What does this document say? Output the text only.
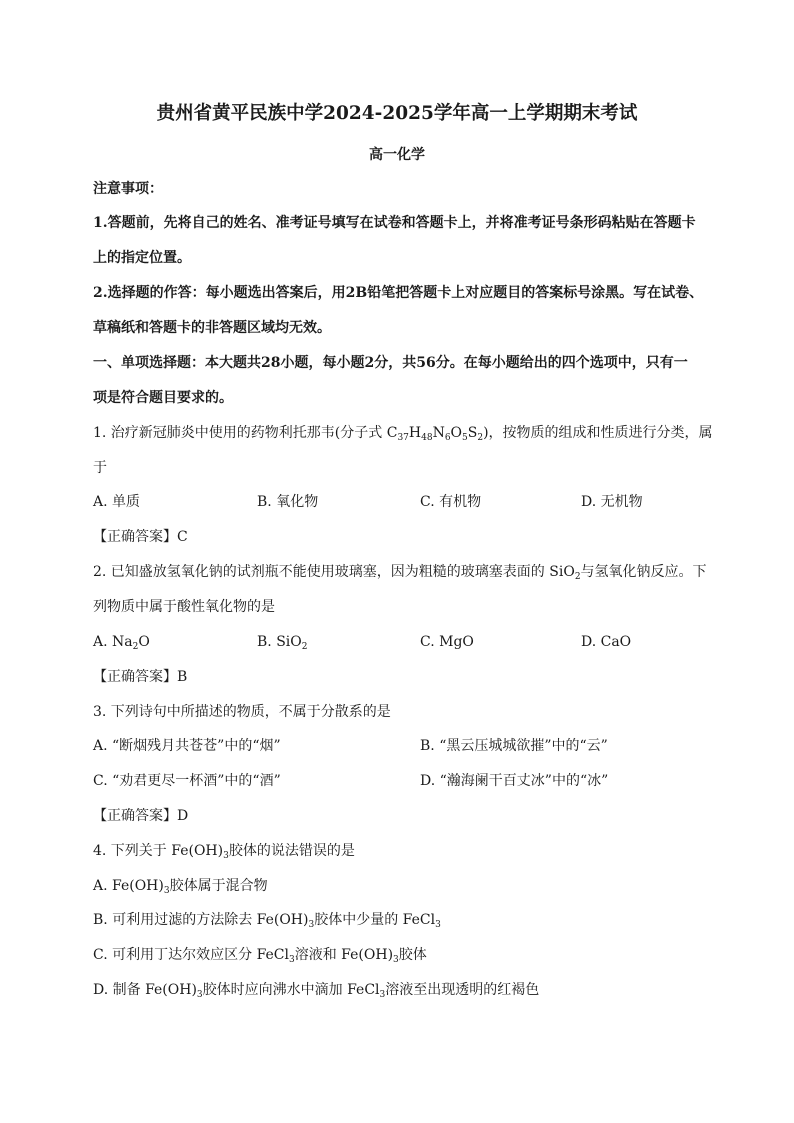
贵州省黄平民族中学2024-2025学年高一上学期期末考试
高一化学
注意事项：
1.答题前，先将自己的姓名、准考证号填写在试卷和答题卡上，并将准考证号条形码粘贴在答题卡
上的指定位置。
2.选择题的作答：每小题选出答案后，用2B铅笔把答题卡上对应题目的答案标号涂黑。写在试卷、
草稿纸和答题卡的非答题区域均无效。
一、单项选择题：本大题共28小题，每小题2分，共56分。在每小题给出的四个选项中，只有一
项是符合题目要求的。
1. 治疗新冠肺炎中使用的药物利托那韦(分子式 $C_{37}H_{48}N_6O_5S_2$)，按物质的组成和性质进行分类，属
于
A. 单质	B. 氧化物	C. 有机物	D. 无机物
【正确答案】C
2. 已知盛放氢氧化钠的试剂瓶不能使用玻璃塞，因为粗糙的玻璃塞表面的 SiO$_2$与氢氧化钠反应。下
列物质中属于酸性氧化物的是
A. $Na_2O$	B. SiO$_2$	C. MgO	D. CaO
【正确答案】B
3. 下列诗句中所描述的物质，不属于分散系的是
A. “断烟残月共苍苍”中的“烟”	B. “黑云压城城欲摧”中的“云”
C. “劝君更尽一杯酒”中的“酒”	D. “瀚海阑干百丈冰”中的“冰”
【正确答案】D
4. 下列关于 $Fe(OH)_3$胶体的说法错误的是
A. $Fe(OH)_3$胶体属于混合物
B. 可利用过滤的方法除去 $Fe(OH)_3$胶体中少量的 FeCl$_3$
C. 可利用丁达尔效应区分 FeCl$_3$溶液和 $Fe(OH)_3$胶体
D. 制备 $Fe(OH)_3$胶体时应向沸水中滴加 FeCl$_3$溶液至出现透明的红褐色
